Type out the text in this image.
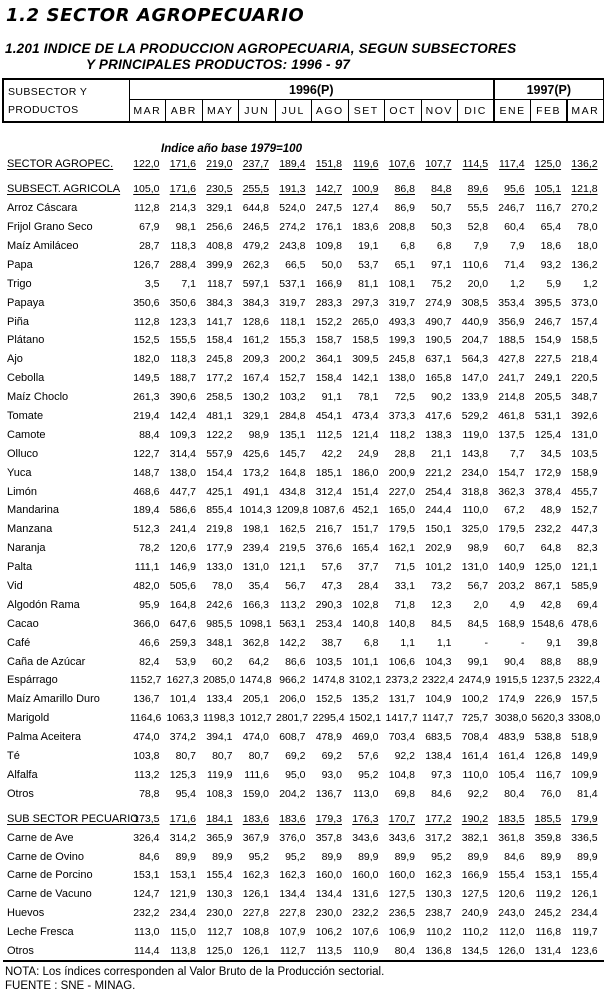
1.2 SECTOR AGROPECUARIO
1.201 INDICE DE LA PRODUCCION AGROPECUARIA, SEGUN SUBSECTORES
Y PRINCIPALES PRODUCTOS: 1996 - 97
SUBSECTOR Y
PRODUCTOS	1996(P)										1997(P)		
	MAR	ABR	MAY	JUN	JUL	AGO	SET	OCT	NOV	DIC	ENE	FEB	MAR
Indice año base 1979=100													
SECTOR AGROPEC.	122,0	171,6	219,0	237,7	189,4	151,8	119,6	107,6	107,7	114,5	117,4	125,0	136,2

SUBSECT. AGRICOLA	105,0	171,6	230,5	255,5	191,3	142,7	100,9	86,8	84,8	89,6	95,6	105,1	121,8
Arroz Cáscara	112,8	214,3	329,1	644,8	524,0	247,5	127,4	86,9	50,7	55,5	246,7	116,7	270,2
Frijol Grano Seco	67,9	98,1	256,6	246,5	274,2	176,1	183,6	208,8	50,3	52,8	60,4	65,4	78,0
Maíz Amiláceo	28,7	118,3	408,8	479,2	243,8	109,8	19,1	6,8	6,8	7,9	7,9	18,6	18,0
Papa	126,7	288,4	399,9	262,3	66,5	50,0	53,7	65,1	97,1	110,6	71,4	93,2	136,2
Trigo	3,5	7,1	118,7	597,1	537,1	166,9	81,1	108,1	75,2	20,0	1,2	5,9	1,2
Papaya	350,6	350,6	384,3	384,3	319,7	283,3	297,3	319,7	274,9	308,5	353,4	395,5	373,0
Piña	112,8	123,3	141,7	128,6	118,1	152,2	265,0	493,3	490,7	440,9	356,9	246,7	157,4
Plátano	152,5	155,5	158,4	161,2	155,3	158,7	158,5	199,3	190,5	204,7	188,5	154,9	158,5
Ajo	182,0	118,3	245,8	209,3	200,2	364,1	309,5	245,8	637,1	564,3	427,8	227,5	218,4
Cebolla	149,5	188,7	177,2	167,4	152,7	158,4	142,1	138,0	165,8	147,0	241,7	249,1	220,5
Maíz Choclo	261,3	390,6	258,5	130,2	103,2	91,1	78,1	72,5	90,2	133,9	214,8	205,5	348,7
Tomate	219,4	142,4	481,1	329,1	284,8	454,1	473,4	373,3	417,6	529,2	461,8	531,1	392,6
Camote	88,4	109,3	122,2	98,9	135,1	112,5	121,4	118,2	138,3	119,0	137,5	125,4	131,0
Olluco	122,7	314,4	557,9	425,6	145,7	42,2	24,9	28,8	21,1	143,8	7,7	34,5	103,5
Yuca	148,7	138,0	154,4	173,2	164,8	185,1	186,0	200,9	221,2	234,0	154,7	172,9	158,9
Limón	468,6	447,7	425,1	491,1	434,8	312,4	151,4	227,0	254,4	318,8	362,3	378,4	455,7
Mandarina	189,4	586,6	855,4	1014,3	1209,8	1087,6	452,1	165,0	244,4	110,0	67,2	48,9	152,7
Manzana	512,3	241,4	219,8	198,1	162,5	216,7	151,7	179,5	150,1	325,0	179,5	232,2	447,3
Naranja	78,2	120,6	177,9	239,4	219,5	376,6	165,4	162,1	202,9	98,9	60,7	64,8	82,3
Palta	111,1	146,9	133,0	131,0	121,1	57,6	37,7	71,5	101,2	131,0	140,9	125,0	121,1
Vid	482,0	505,6	78,0	35,4	56,7	47,3	28,4	33,1	73,2	56,7	203,2	867,1	585,9
Algodón Rama	95,9	164,8	242,6	166,3	113,2	290,3	102,8	71,8	12,3	2,0	4,9	42,8	69,4
Cacao	366,0	647,6	985,5	1098,1	563,1	253,4	140,8	140,8	84,5	84,5	168,9	1548,6	478,6
Café	46,6	259,3	348,1	362,8	142,2	38,7	6,8	1,1	1,1	-	-	9,1	39,8
Caña de Azúcar	82,4	53,9	60,2	64,2	86,6	103,5	101,1	106,6	104,3	99,1	90,4	88,8	88,9
Espárrago	1152,7	1627,3	2085,0	1474,8	966,2	1474,8	3102,1	2373,2	2322,4	2474,9	1915,5	1237,5	2322,4
Maíz Amarillo Duro	136,7	101,4	133,4	205,1	206,0	152,5	135,2	131,7	104,9	100,2	174,9	226,9	157,5
Marigold	1164,6	1063,3	1198,3	1012,7	2801,7	2295,4	1502,1	1417,7	1147,7	725,7	3038,0	5620,3	3308,0
Palma Aceitera	474,0	374,2	394,1	474,0	608,7	478,9	469,0	703,4	683,5	708,4	483,9	538,8	518,9
Té	103,8	80,7	80,7	80,7	69,2	69,2	57,6	92,2	138,4	161,4	161,4	126,8	149,9
Alfalfa	113,2	125,3	119,9	111,6	95,0	93,0	95,2	104,8	97,3	110,0	105,4	116,7	109,9
Otros	78,8	95,4	108,3	159,0	204,2	136,7	113,0	69,8	84,6	92,2	80,4	76,0	81,4

SUB SECTOR PECUARIO	173,5	171,6	184,1	183,6	183,6	179,3	176,3	170,7	177,2	190,2	183,5	185,5	179,9
Carne de Ave	326,4	314,2	365,9	367,9	376,0	357,8	343,6	343,6	317,2	382,1	361,8	359,8	336,5
Carne de Ovino	84,6	89,9	89,9	95,2	95,2	89,9	89,9	89,9	95,2	89,9	84,6	89,9	89,9
Carne de Porcino	153,1	153,1	155,4	162,3	162,3	160,0	160,0	160,0	162,3	166,9	155,4	153,1	155,4
Carne de Vacuno	124,7	121,9	130,3	126,1	134,4	134,4	131,6	127,5	130,3	127,5	120,6	119,2	126,1
Huevos	232,2	234,4	230,0	227,8	227,8	230,0	232,2	236,5	238,7	240,9	243,0	245,2	234,4
Leche Fresca	113,0	115,0	112,7	108,8	107,9	106,2	107,6	106,9	110,2	110,2	112,0	116,8	119,7
Otros	114,4	113,8	125,0	126,1	112,7	113,5	110,9	80,4	136,8	134,5	126,0	131,4	123,6
NOTA: Los índices corresponden al Valor Bruto de la Producción sectorial.
FUENTE : SNE - MINAG.
